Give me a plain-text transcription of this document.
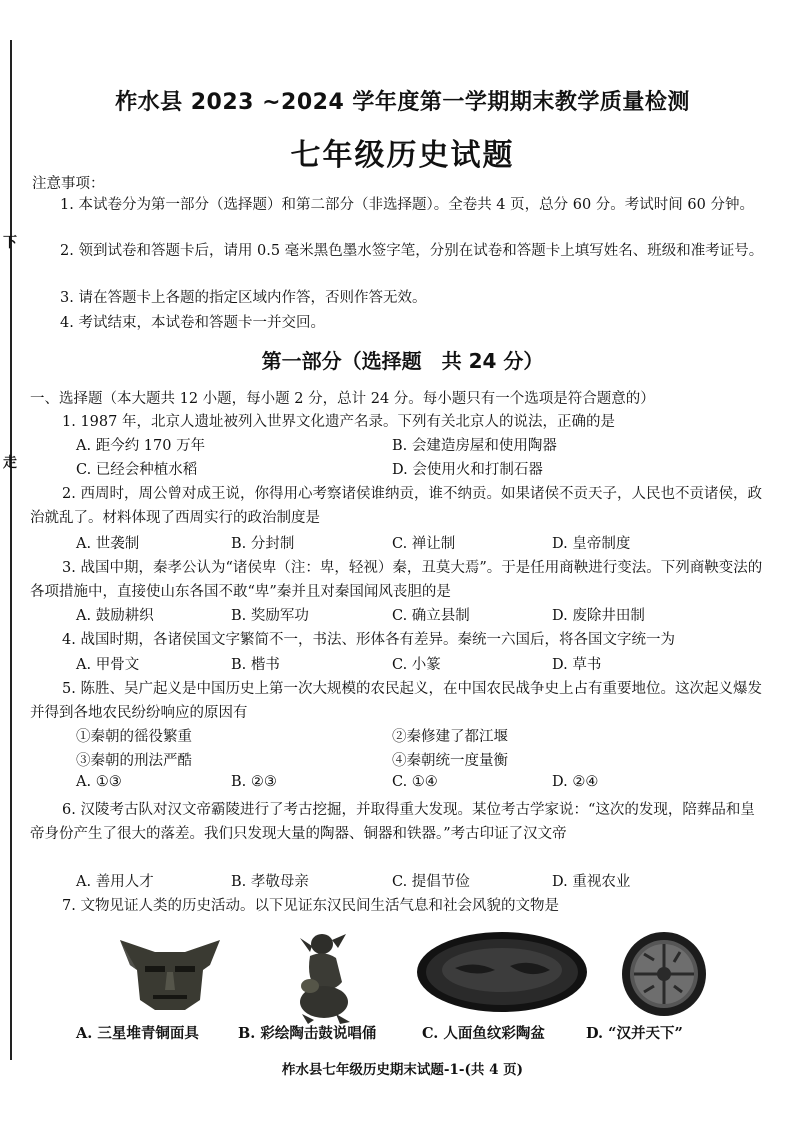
下
走
柞水县 2023 ~2024 学年度第一学期期末教学质量检测
七年级历史试题
注意事项：
1. 本试卷分为第一部分（选择题）和第二部分（非选择题）。全卷共 4 页，总分 60 分。考试时间 60 分钟。
2. 领到试卷和答题卡后，请用 0.5 毫米黑色墨水签字笔，分别在试卷和答题卡上填写姓名、班级和准考证号。
3. 请在答题卡上各题的指定区域内作答，否则作答无效。
4. 考试结束，本试卷和答题卡一并交回。
第一部分（选择题　共 24 分）
一、选择题（本大题共 12 小题，每小题 2 分，总计 24 分。每小题只有一个选项是符合题意的）
1. 1987 年，北京人遗址被列入世界文化遗产名录。下列有关北京人的说法，正确的是
A. 距今约 170 万年	B. 会建造房屋和使用陶器
C. 已经会种植水稻	D. 会使用火和打制石器
2. 西周时，周公曾对成王说，你得用心考察诸侯谁纳贡，谁不纳贡。如果诸侯不贡天子，人民也不贡诸侯，政治就乱了。材料体现了西周实行的政治制度是
A. 世袭制	B. 分封制	C. 禅让制	D. 皇帝制度
3. 战国中期，秦孝公认为“诸侯卑（注：卑，轻视）秦，丑莫大焉”。于是任用商鞅进行变法。下列商鞅变法的各项措施中，直接使山东各国不敢“卑”秦并且对秦国闻风丧胆的是
A. 鼓励耕织	B. 奖励军功	C. 确立县制	D. 废除井田制
4. 战国时期，各诸侯国文字繁简不一，书法、形体各有差异。秦统一六国后，将各国文字统一为
A. 甲骨文	B. 楷书	C. 小篆	D. 草书
5. 陈胜、吴广起义是中国历史上第一次大规模的农民起义，在中国农民战争史上占有重要地位。这次起义爆发并得到各地农民纷纷响应的原因有
①秦朝的徭役繁重	②秦修建了都江堰
③秦朝的刑法严酷	④秦朝统一度量衡
A. ①③	B. ②③	C. ①④	D. ②④
6. 汉陵考古队对汉文帝霸陵进行了考古挖掘，并取得重大发现。某位考古学家说：“这次的发现，陪葬品和皇帝身份产生了很大的落差。我们只发现大量的陶器、铜器和铁器。”考古印证了汉文帝
A. 善用人才	B. 孝敬母亲	C. 提倡节俭	D. 重视农业
7. 文物见证人类的历史活动。以下见证东汉民间生活气息和社会风貌的文物是
A. 三星堆青铜面具	B. 彩绘陶击鼓说唱俑	C. 人面鱼纹彩陶盆	D. “汉并天下”
柞水县七年级历史期末试题-1-(共 4 页)
